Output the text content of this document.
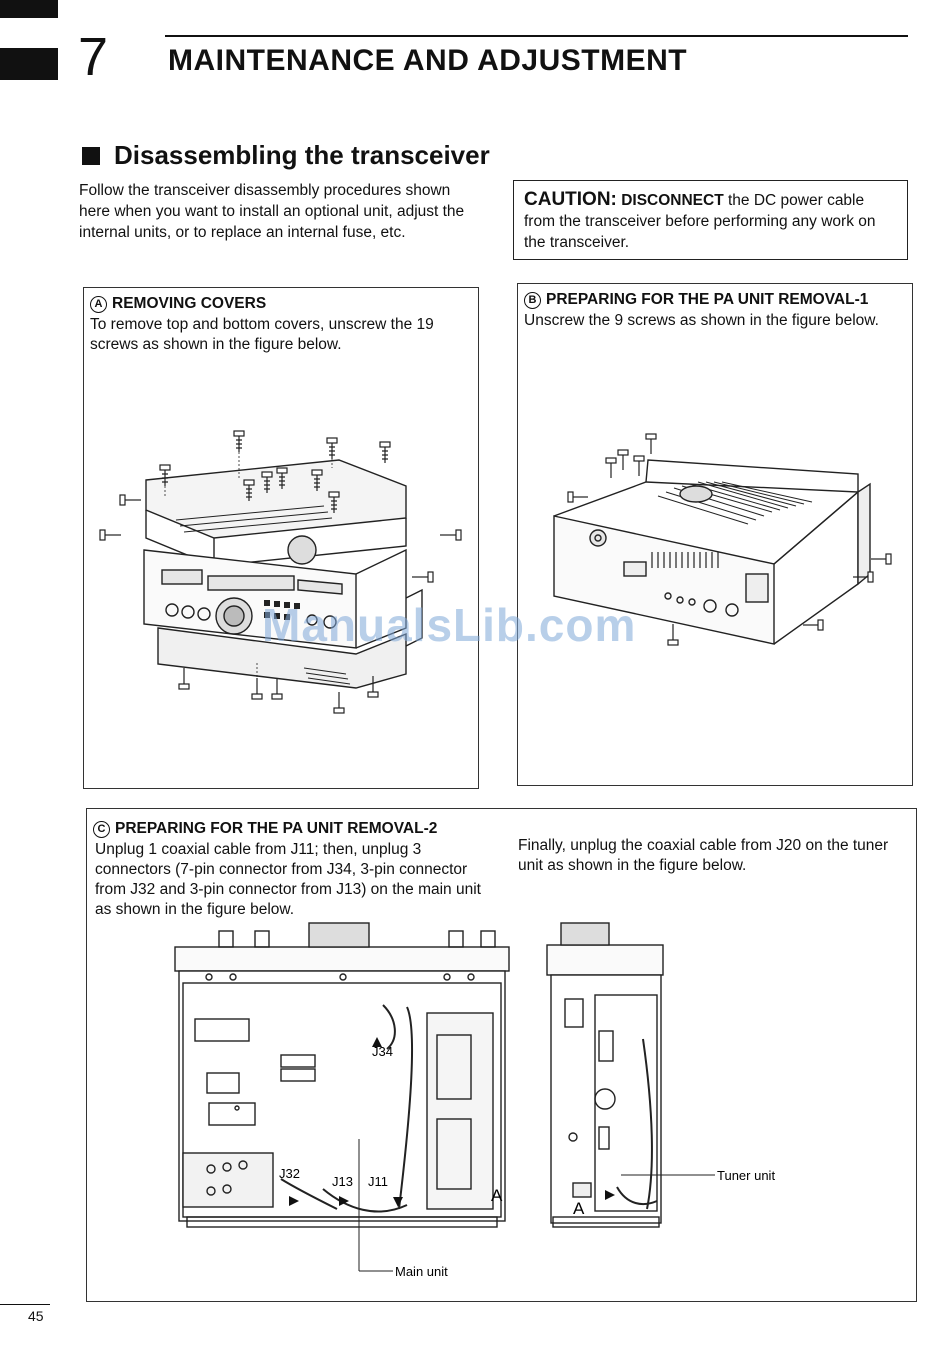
7 MAINTENANCE AND ADJUSTMENT
Disassembling the transceiver
Follow the transceiver disassembly procedures shown here when you want to install an optional unit, adjust the internal units, or to replace an internal fuse, etc.
CAUTION: DISCONNECT the DC power cable from the transceiver before performing any work on the transceiver.
A REMOVING COVERS
To remove top and bottom covers, unscrew the 19 screws as shown in the figure below.
B PREPARING FOR THE PA UNIT REMOVAL-1
Unscrew the 9 screws as shown in the figure below.
C PREPARING FOR THE PA UNIT REMOVAL-2
Unplug 1 coaxial cable from J11; then, unplug 3 connectors (7-pin connector from J34, 3-pin connector from J32 and 3-pin connector from J13) on the main unit as shown in the figure below.
Finally, unplug the coaxial cable from J20 on the tuner unit as shown in the figure below.
J34
J32
J13 J11
A
Main unit
A
Tuner unit
ManualsLib.com
45
